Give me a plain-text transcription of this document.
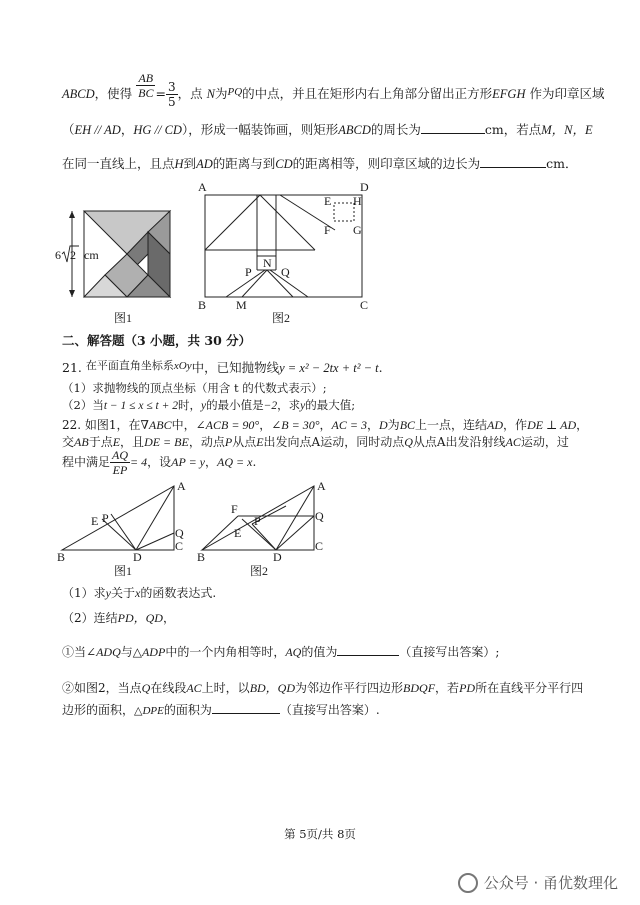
ABCD，使得 $\frac{AB}{BC} = \frac{3}{5}$ ，点 N为PQ的中点，并且在矩形内右上角部分留出正方形EFGH 作为印章区域
（EH // AD，HG // CD），形成一幅装饰画，则矩形ABCD的周长为	cm，若点M，N，E
在同一直线上，且点H到AD的距离与到CD的距离相等，则印章区域的边长为	cm．
6 2 cm
图1
A	D
E H
F G
N
P Q
B M	C
图2
二、解答题（3 小题，共 30 分）
21. 在平面直角坐标系xOy中，已知抛物线y = x² − 2tx + t² − t.
（1）求抛物线的顶点坐标（用含 t 的代数式表示）;
（2）当t − 1 ≤ x ≤ t + 2时，y的最小值是−2，求y的最大值;
22. 如图1，在∇ABC中，∠ACB = 90°，∠B = 30°，AC = 3，D为BC上一点，连结AD，作DE ⊥ AD，
交AB于点E，且DE = BE，动点P从点E出发向点A运动，同时动点Q从点A出发沿射线AC运动，过
程中满足 $\frac{AQ}{EP} = 4$，设AP = y，AQ = x.
A
E P
Q
C
B	D
图1
A
F
P	Q
E
C
B	D
图2
（1）求y关于x的函数表达式.
（2）连结PD，QD，
①当∠ADQ与△ADP中的一个内角相等时，AQ的值为	（直接写出答案）;
②如图2，当点Q在线段AC上时，以BD，QD为邻边作平行四边形BDQF，若PD所在直线平分平行四
边形的面积，△DPE的面积为	（直接写出答案）.
第 5页/共 8页
公众号 · 甬优数理化
